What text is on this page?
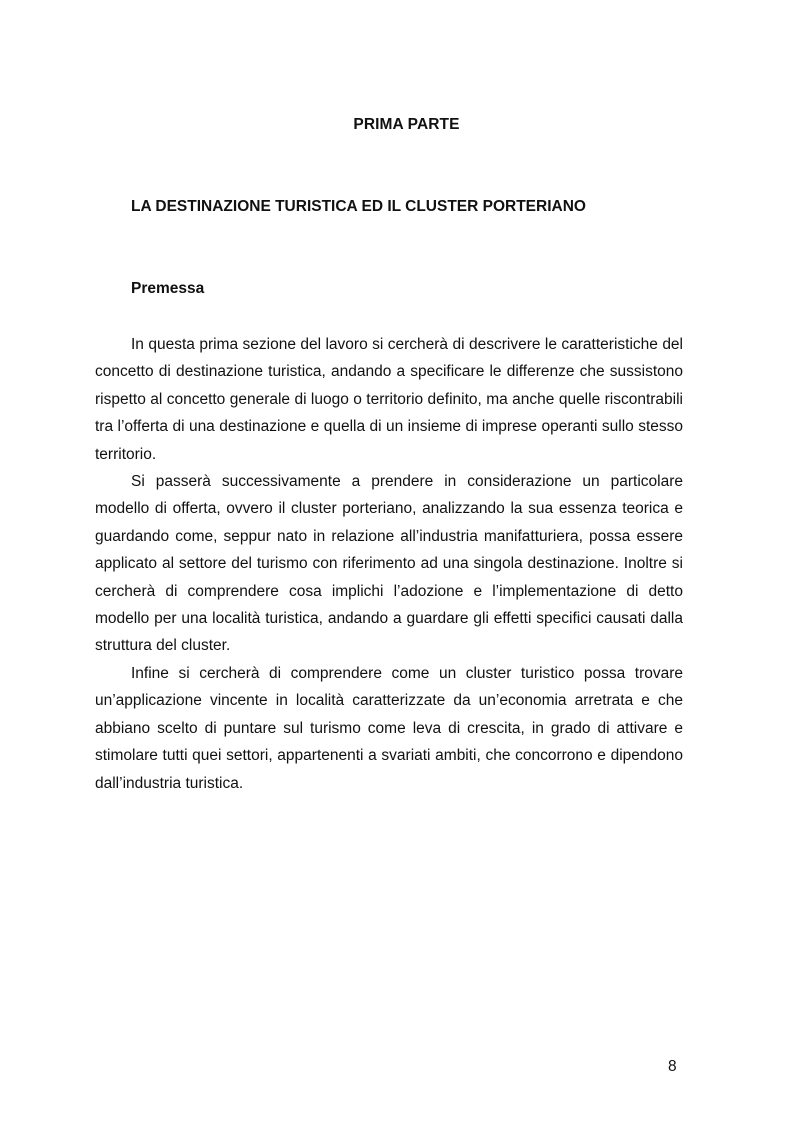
PRIMA PARTE
LA DESTINAZIONE TURISTICA ED IL CLUSTER PORTERIANO
Premessa

In questa prima sezione del lavoro si cercherà di descrivere le caratteristiche del concetto di destinazione turistica, andando a specificare le differenze che sussistono rispetto al concetto generale di luogo o territorio definito, ma anche quelle riscontrabili tra l’offerta di una destinazione e quella di un insieme di imprese operanti sullo stesso territorio.

Si passerà successivamente a prendere in considerazione un particolare modello di offerta, ovvero il cluster porteriano, analizzando la sua essenza teorica e guardando come, seppur nato in relazione all’industria manifatturiera, possa essere applicato al settore del turismo con riferimento ad una singola destinazione. Inoltre si cercherà di comprendere cosa implichi l’adozione e l’implementazione di detto modello per una località turistica, andando a guardare gli effetti specifici causati dalla struttura del cluster.

Infine si cercherà di comprendere come un cluster turistico possa trovare un’applicazione vincente in località caratterizzate da un’economia arretrata e che abbiano scelto di puntare sul turismo come leva di crescita, in grado di attivare e stimolare tutti quei settori, appartenenti a svariati ambiti, che concorrono e dipendono dall’industria turistica.

8
